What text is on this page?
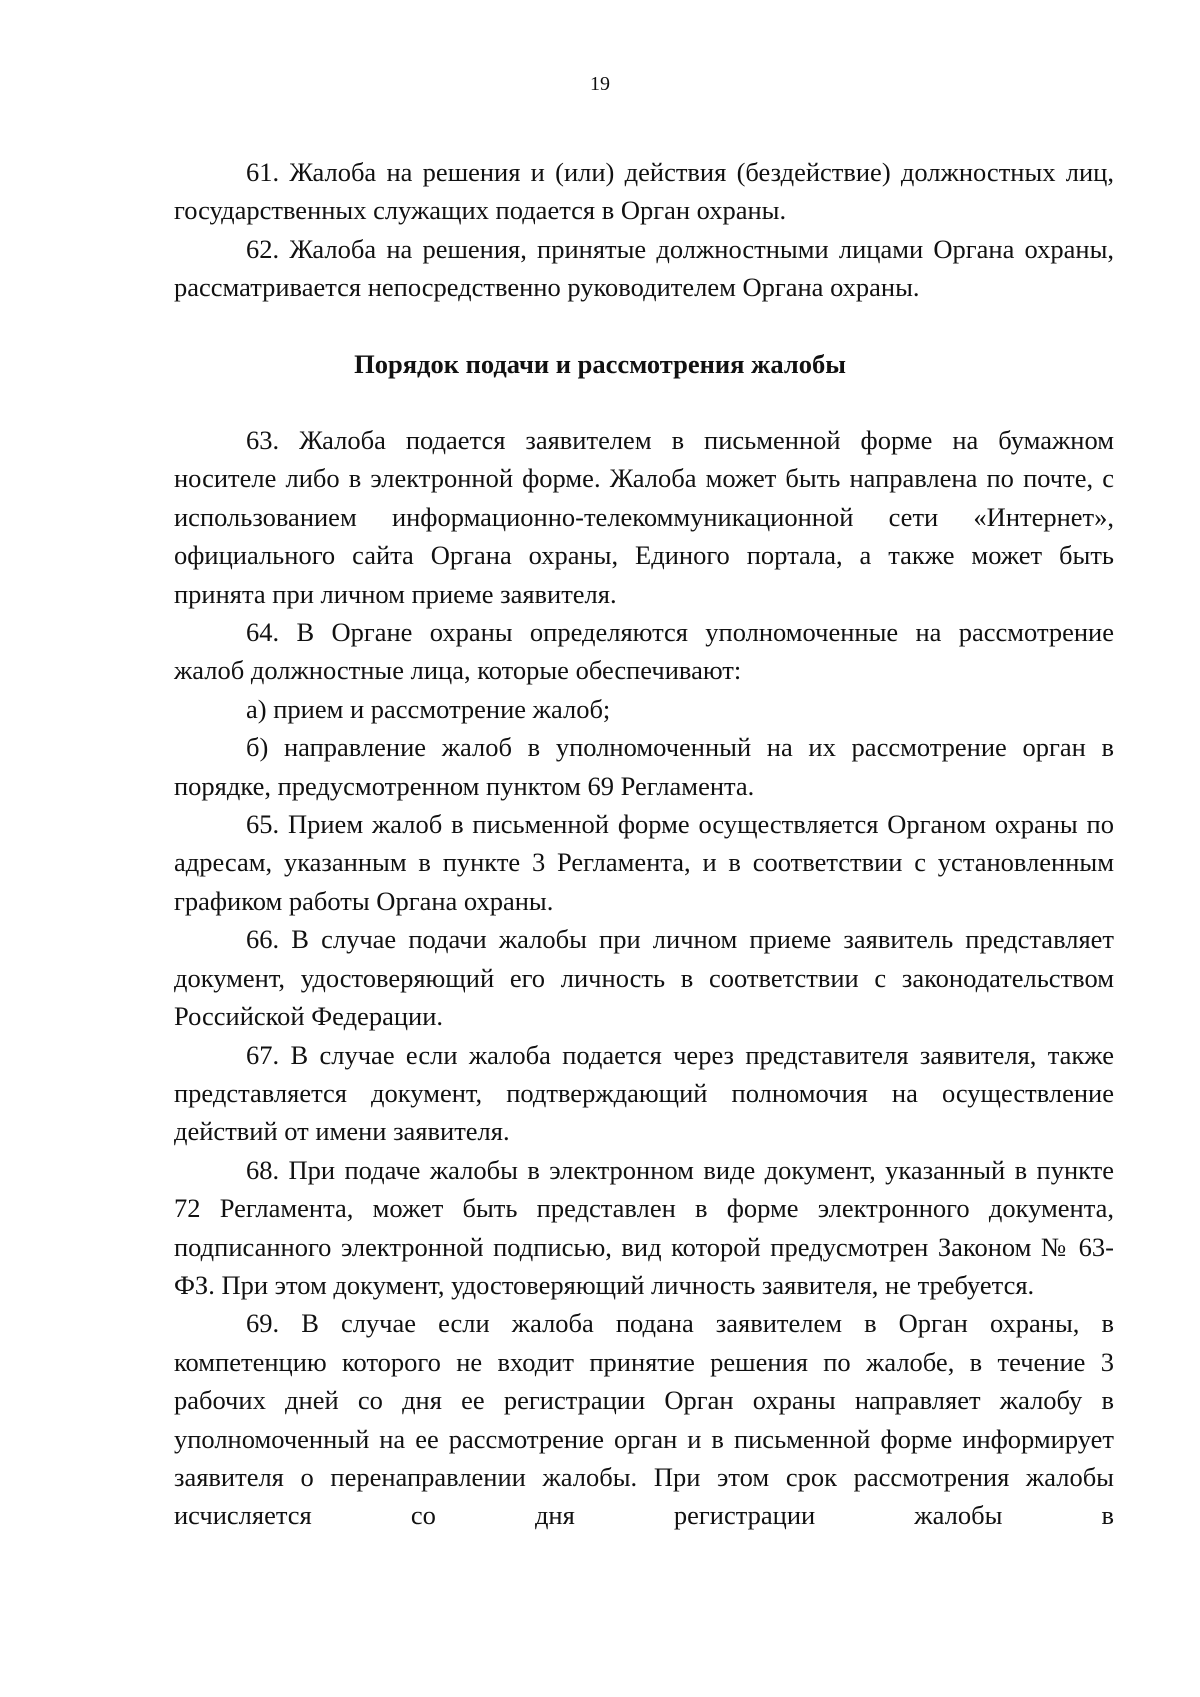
19

61. Жалоба на решения и (или) действия (бездействие) должностных лиц, государственных служащих подается в Орган охраны.

62. Жалоба на решения, принятые должностными лицами Органа охраны, рассматривается непосредственно руководителем Органа охраны.

Порядок подачи и рассмотрения жалобы

63. Жалоба подается заявителем в письменной форме на бумажном носителе либо в электронной форме. Жалоба может быть направлена по почте, с использованием информационно-телекоммуникационной сети «Интернет», официального сайта Органа охраны, Единого портала, а также может быть принята при личном приеме заявителя.

64. В Органе охраны определяются уполномоченные на рассмотрение жалоб должностные лица, которые обеспечивают:

а) прием и рассмотрение жалоб;

б) направление жалоб в уполномоченный на их рассмотрение орган в порядке, предусмотренном пунктом 69 Регламента.

65. Прием жалоб в письменной форме осуществляется Органом охраны по адресам, указанным в пункте 3 Регламента, и в соответствии с установленным графиком работы Органа охраны.

66. В случае подачи жалобы при личном приеме заявитель представляет документ, удостоверяющий его личность в соответствии с законодательством Российской Федерации.

67. В случае если жалоба подается через представителя заявителя, также представляется документ, подтверждающий полномочия на осуществление действий от имени заявителя.

68. При подаче жалобы в электронном виде документ, указанный в пункте 72 Регламента, может быть представлен в форме электронного документа, подписанного электронной подписью, вид которой предусмотрен Законом № 63-ФЗ. При этом документ, удостоверяющий личность заявителя, не требуется.

69. В случае если жалоба подана заявителем в Орган охраны, в компетенцию которого не входит принятие решения по жалобе, в течение 3 рабочих дней со дня ее регистрации Орган охраны направляет жалобу в уполномоченный на ее рассмотрение орган и в письменной форме информирует заявителя о перенаправлении жалобы. При этом срок рассмотрения жалобы исчисляется со дня регистрации жалобы в
